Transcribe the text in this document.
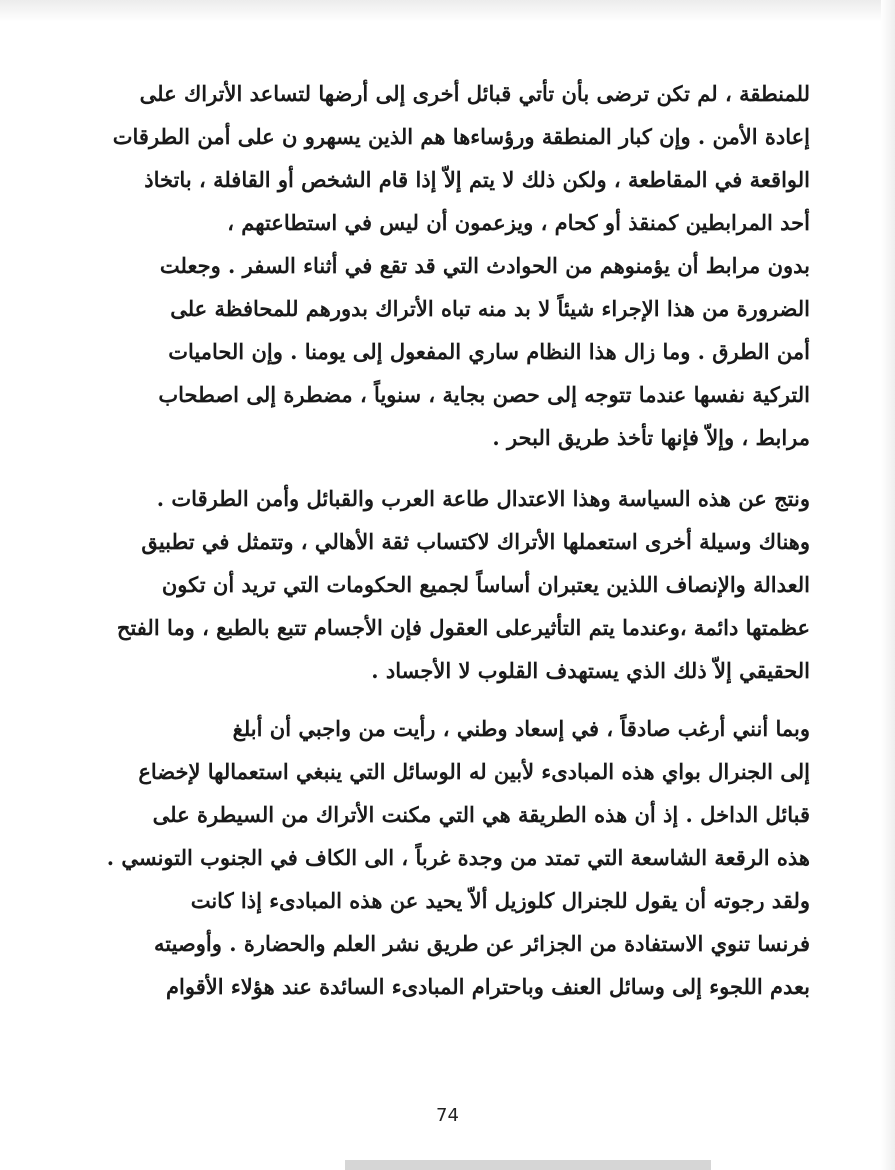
للمنطقة ، لم تكن ترضى بأن تأتي قبائل أخرى إلى أرضها لتساعد الأتراك على
إعادة الأمن . وإن كبار المنطقة ورؤساءها هم الذين يسهرو ن على أمن الطرقات
الواقعة في المقاطعة ، ولكن ذلك لا يتم إلاّ إذا قام الشخص أو القافلة ، باتخاذ
أحد المرابطين كمنقذ أو كحام ، ويزعمون أن ليس في استطاعتهم ،
بدون مرابط أن يؤمنوهم من الحوادث التي قد تقع في أثناء السفر . وجعلت
الضرورة من هذا الإجراء شيئاً لا بد منه تباه الأتراك بدورهم للمحافظة على
أمن الطرق . وما زال هذا النظام ساري المفعول إلى يومنا . وإن الحاميات
التركية نفسها عندما تتوجه إلى حصن بجاية ، سنوياً ، مضطرة إلى اصطحاب
مرابط ، وإلاّ فإنها تأخذ طريق البحر .
ونتج عن هذه السياسة وهذا الاعتدال طاعة العرب والقبائل وأمن الطرقات .
وهناك وسيلة أخرى استعملها الأتراك لاكتساب ثقة الأهالي ، وتتمثل في تطبيق
العدالة والإنصاف اللذين يعتبران أساساً لجميع الحكومات التي تريد أن تكون
عظمتها دائمة ،وعندما يتم التأثيرعلى العقول فإن الأجسام تتبع بالطبع ، وما الفتح
الحقيقي إلاّ ذلك الذي يستهدف القلوب لا الأجساد .
وبما أنني أرغب صادقاً ، في إسعاد وطني ، رأيت من واجبي أن أبلغ
إلى الجنرال بواي هذه المبادىء لأبين له الوسائل التي ينبغي استعمالها لإخضاع
قبائل الداخل . إذ أن هذه الطريقة هي التي مكنت الأتراك من السيطرة على
هذه الرقعة الشاسعة التي تمتد من وجدة غرباً ، الى الكاف في الجنوب التونسي .
ولقد رجوته أن يقول للجنرال كلوزيل ألاّ يحيد عن هذه المبادىء إذا كانت
فرنسا تنوي الاستفادة من الجزائر عن طريق نشر العلم والحضارة . وأوصيته
بعدم اللجوء إلى وسائل العنف وباحترام المبادىء السائدة عند هؤلاء الأقوام
74
